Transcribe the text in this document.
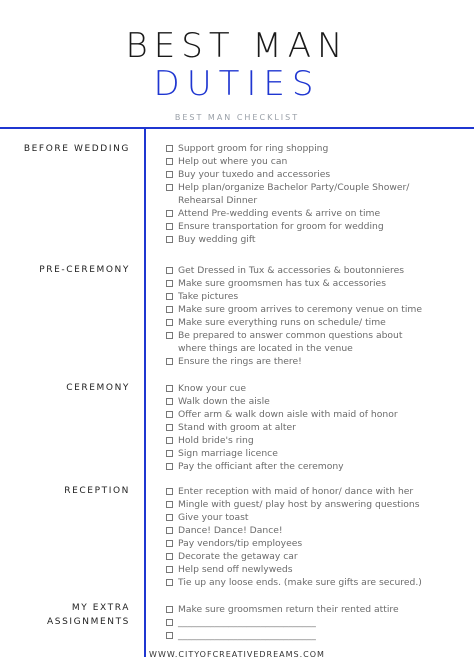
BEST MAN
DUTIES
BEST MAN CHECKLIST
BEFORE WEDDING	Support groom for ring shopping
Help out where you can
Buy your tuxedo and accessories
Help plan/organize Bachelor Party/Couple Shower/
Rehearsal Dinner
Attend Pre-wedding events & arrive on time
Ensure transportation for groom for wedding
Buy wedding gift
PRE-CEREMONY	Get Dressed in Tux & accessories & boutonnieres
Make sure groomsmen has tux & accessories
Take pictures
Make sure groom arrives to ceremony venue on time
Make sure everything runs on schedule/ time
Be prepared to answer common questions about
where things are located in the venue
Ensure the rings are there!
CEREMONY	Know your cue
Walk down the aisle
Offer arm & walk down aisle with maid of honor
Stand with groom at alter
Hold bride's ring
Sign marriage licence
Pay the officiant after the ceremony
RECEPTION	Enter reception with maid of honor/ dance with her
Mingle with guest/ play host by answering questions
Give your toast
Dance! Dance! Dance!
Pay vendors/tip employees
Decorate the getaway car
Help send off newlyweds
Tie up any loose ends. (make sure gifts are secured.)
MY EXTRA
ASSIGNMENTS
Make sure groomsmen return their rented attire
______________________________
______________________________
WWW.CITYOFCREATIVEDREAMS.COM
